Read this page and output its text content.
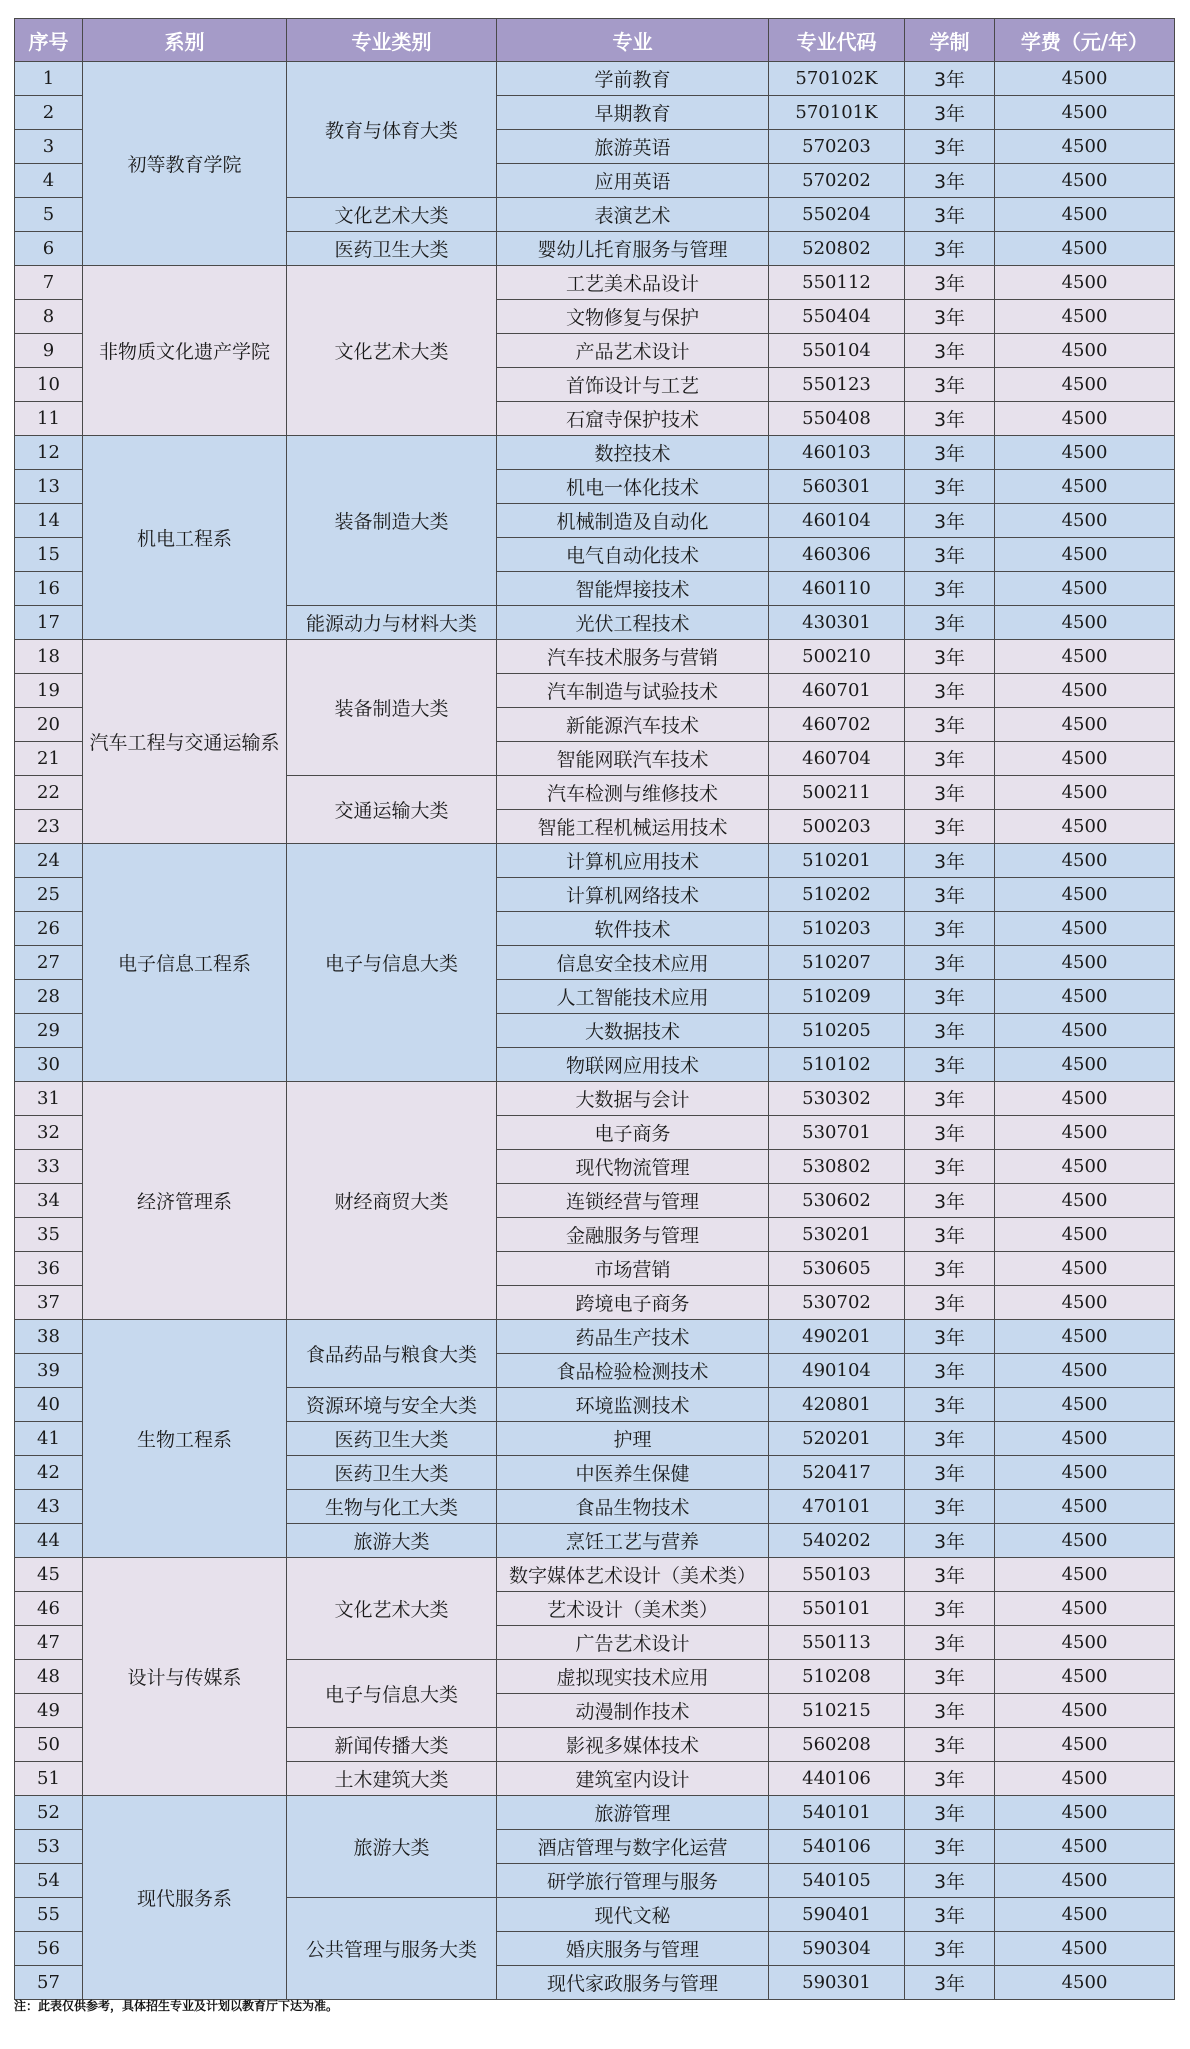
序号	系别	专业类别	专业	专业代码	学制	学费（元/年）
1	初等教育学院	教育与体育大类	学前教育	570102K	3年	4500
2			早期教育	570101K	3年	4500
3			旅游英语	570203	3年	4500
4			应用英语	570202	3年	4500
5		文化艺术大类	表演艺术	550204	3年	4500
6		医药卫生大类	婴幼儿托育服务与管理	520802	3年	4500
7	非物质文化遗产学院	文化艺术大类	工艺美术品设计	550112	3年	4500
8			文物修复与保护	550404	3年	4500
9			产品艺术设计	550104	3年	4500
10			首饰设计与工艺	550123	3年	4500
11			石窟寺保护技术	550408	3年	4500
12	机电工程系	装备制造大类	数控技术	460103	3年	4500
13			机电一体化技术	560301	3年	4500
14			机械制造及自动化	460104	3年	4500
15			电气自动化技术	460306	3年	4500
16			智能焊接技术	460110	3年	4500
17		能源动力与材料大类	光伏工程技术	430301	3年	4500
18	汽车工程与交通运输系	装备制造大类	汽车技术服务与营销	500210	3年	4500
19			汽车制造与试验技术	460701	3年	4500
20			新能源汽车技术	460702	3年	4500
21			智能网联汽车技术	460704	3年	4500
22		交通运输大类	汽车检测与维修技术	500211	3年	4500
23			智能工程机械运用技术	500203	3年	4500
24	电子信息工程系	电子与信息大类	计算机应用技术	510201	3年	4500
25			计算机网络技术	510202	3年	4500
26			软件技术	510203	3年	4500
27			信息安全技术应用	510207	3年	4500
28			人工智能技术应用	510209	3年	4500
29			大数据技术	510205	3年	4500
30			物联网应用技术	510102	3年	4500
31	经济管理系	财经商贸大类	大数据与会计	530302	3年	4500
32			电子商务	530701	3年	4500
33			现代物流管理	530802	3年	4500
34			连锁经营与管理	530602	3年	4500
35			金融服务与管理	530201	3年	4500
36			市场营销	530605	3年	4500
37			跨境电子商务	530702	3年	4500
38	生物工程系	食品药品与粮食大类	药品生产技术	490201	3年	4500
39			食品检验检测技术	490104	3年	4500
40		资源环境与安全大类	环境监测技术	420801	3年	4500
41		医药卫生大类	护理	520201	3年	4500
42		医药卫生大类	中医养生保健	520417	3年	4500
43		生物与化工大类	食品生物技术	470101	3年	4500
44		旅游大类	烹饪工艺与营养	540202	3年	4500
45	设计与传媒系	文化艺术大类	数字媒体艺术设计（美术类）	550103	3年	4500
46			艺术设计（美术类）	550101	3年	4500
47			广告艺术设计	550113	3年	4500
48		电子与信息大类	虚拟现实技术应用	510208	3年	4500
49			动漫制作技术	510215	3年	4500
50		新闻传播大类	影视多媒体技术	560208	3年	4500
51		土木建筑大类	建筑室内设计	440106	3年	4500
52	现代服务系	旅游大类	旅游管理	540101	3年	4500
53			酒店管理与数字化运营	540106	3年	4500
54			研学旅行管理与服务	540105	3年	4500
55		公共管理与服务大类	现代文秘	590401	3年	4500
56			婚庆服务与管理	590304	3年	4500
57			现代家政服务与管理	590301	3年	4500
注：此表仅供参考，具体招生专业及计划以教育厅下达为准。
